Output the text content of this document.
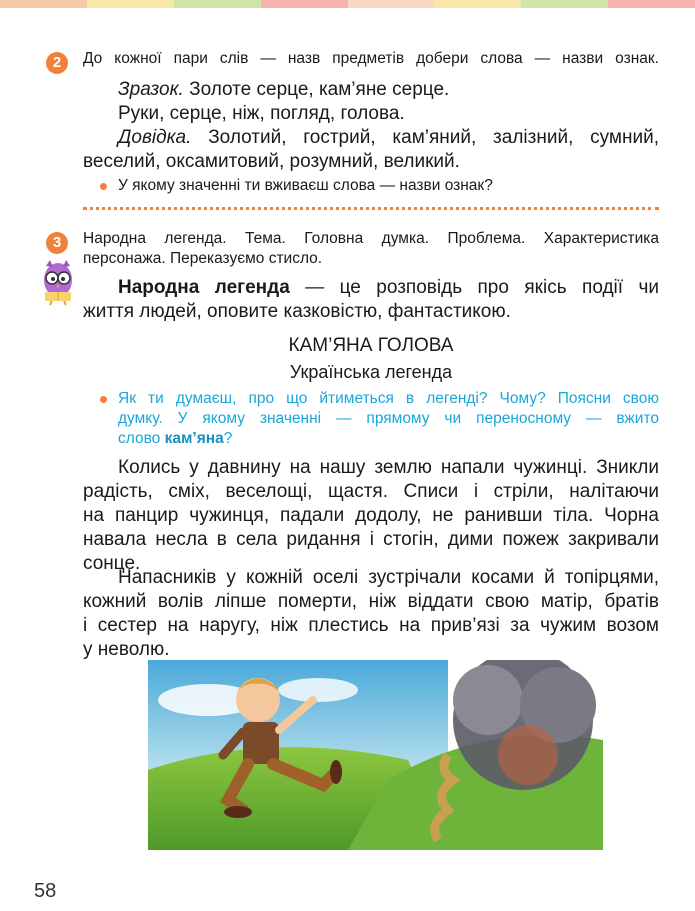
2	До кожної пари слів — назв предметів добери слова — назви ознак.

Зразок. Золоте серце, кам’яне серце.

Руки, серце, ніж, погляд, голова.

Довідка. Золотий, гострий, кам’яний, залізний, сумний,

веселий, оксамитовий, розумний, великий.

У якому значенні ти вживаєш слова — назви ознак?

3	Народна легенда. Тема. Головна думка. Проблема. Характеристика

персонажа. Переказуємо стисло.

Народна легенда — це розповідь про якісь події чи

життя людей, оповите казковістю, фантастикою.

КАМ’ЯНА ГОЛОВА

Українська легенда

Як ти думаєш, про що йтиметься в легенді? Чому? Поясни свою

думку. У якому значенні — прямому чи переносному — вжито

слово кам’яна?

Колись у давнину на нашу землю напали чужинці. Зникли

радість, сміх, веселощі, щастя. Списи і стріли, налітаючи

на панцир чужинця, падали додолу, не ранивши тіла. Чорна

навала несла в села ридання і стогін, дими пожеж закривали

сонце.

Напасників у кожній оселі зустрічали косами й топірцями,

кожний волів ліпше померти, ніж віддати свою матір, братів

і сестер на наругу, ніж плестись на прив’язі за чужим возом

у неволю.

58
